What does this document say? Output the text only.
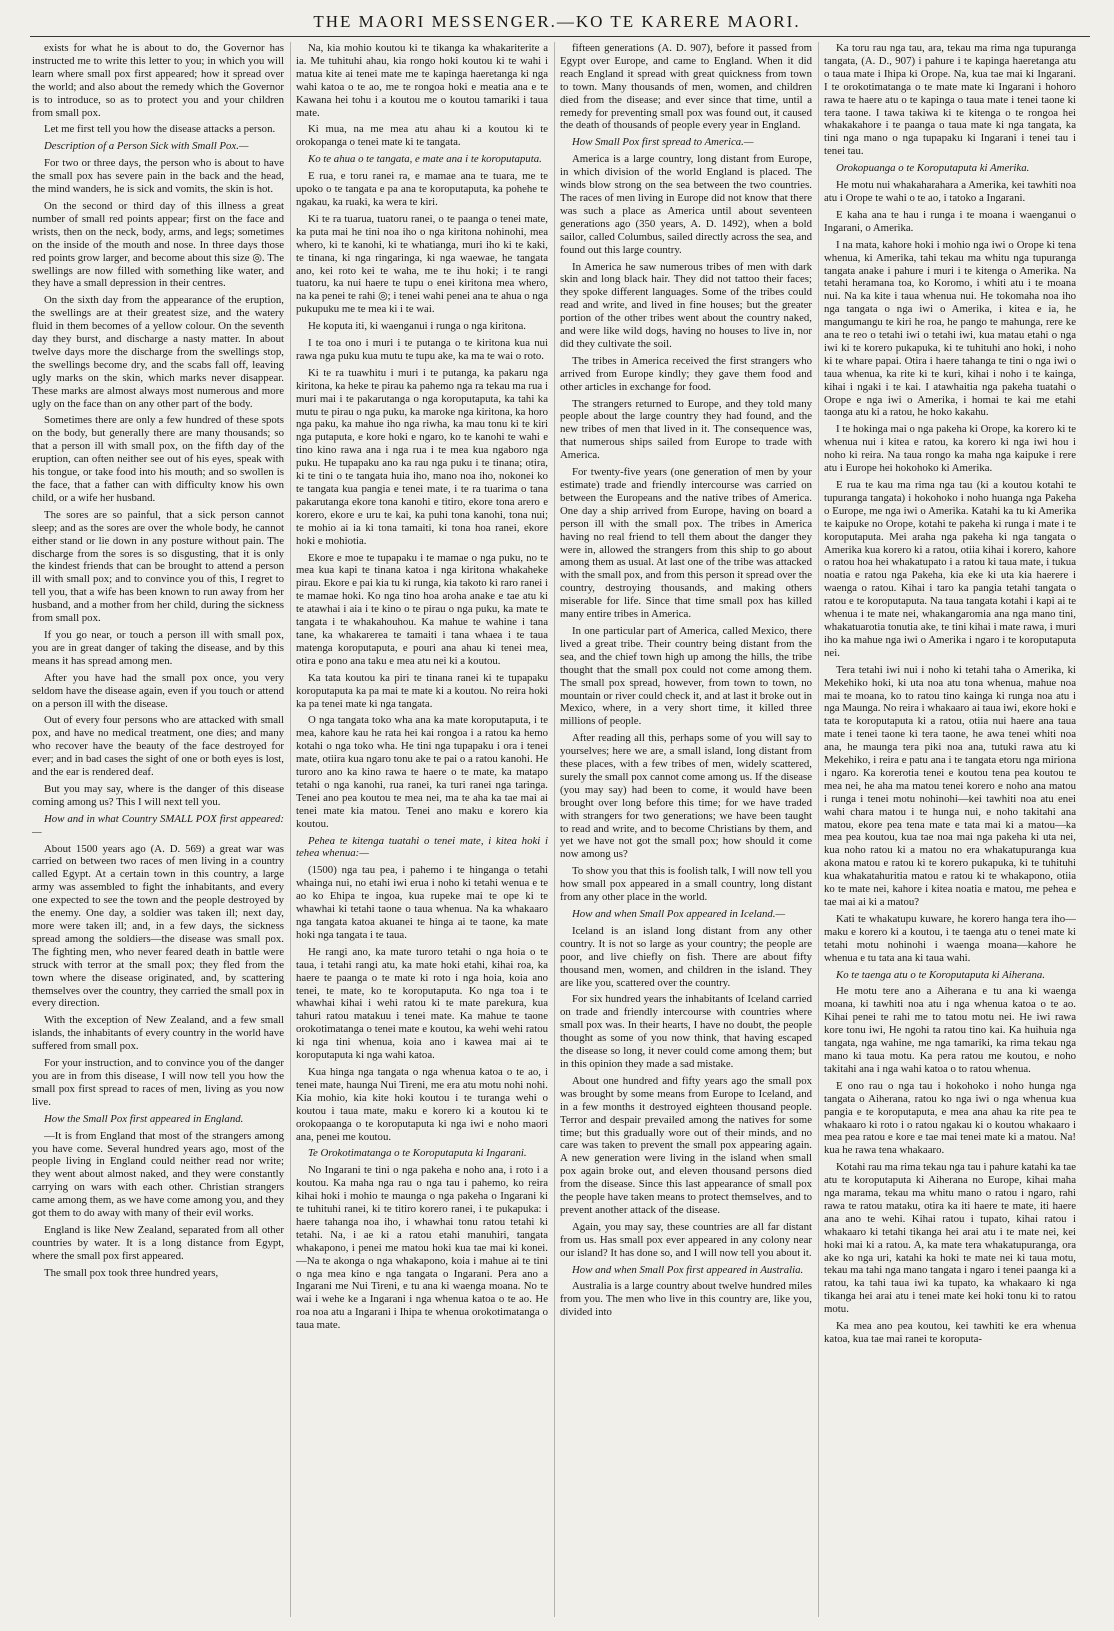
THE MAORI MESSENGER.—KO TE KARERE MAORI.

exists for what he is about to do, the Governor has instructed me to write this letter to you; in which you will learn where small pox first appeared; how it spread over the world; and also about the remedy which the Governor is to introduce, so as to protect you and your children from small pox.

Let me first tell you how the disease attacks a person.

Description of a Person Sick with Small Pox.—

For two or three days, the person who is about to have the small pox has severe pain in the back and the head, the mind wanders, he is sick and vomits, the skin is hot.

On the second or third day of this illness a great number of small red points appear; first on the face and wrists, then on the neck, body, arms, and legs; sometimes on the inside of the mouth and nose. In three days those red points grow larger, and become about this size ◎. The swellings are now filled with something like water, and they have a small depression in their centres.

On the sixth day from the appearance of the eruption, the swellings are at their greatest size, and the watery fluid in them becomes of a yellow colour. On the seventh day they burst, and discharge a nasty matter. In about twelve days more the discharge from the swellings stop, the swellings become dry, and the scabs fall off, leaving ugly marks on the skin, which marks never disappear. These marks are almost always most numerous and more ugly on the face than on any other part of the body.

Sometimes there are only a few hundred of these spots on the body, but generally there are many thousands; so that a person ill with small pox, on the fifth day of the eruption, can often neither see out of his eyes, speak with his tongue, or take food into his mouth; and so swollen is the face, that a father can with difficulty know his own child, or a wife her husband.

The sores are so painful, that a sick person cannot sleep; and as the sores are over the whole body, he cannot either stand or lie down in any posture without pain. The discharge from the sores is so disgusting, that it is only the kindest friends that can be brought to attend a person ill with small pox; and to convince you of this, I regret to tell you, that a wife has been known to run away from her husband, and a mother from her child, during the sickness from small pox.

If you go near, or touch a person ill with small pox, you are in great danger of taking the disease, and by this means it has spread among men.

After you have had the small pox once, you very seldom have the disease again, even if you touch or attend on a person ill with the disease.

Out of every four persons who are attacked with small pox, and have no medical treatment, one dies; and many who recover have the beauty of the face destroyed for ever; and in bad cases the sight of one or both eyes is lost, and the ear is rendered deaf.

But you may say, where is the danger of this disease coming among us? This I will next tell you.

How and in what Country SMALL POX first appeared:—

About 1500 years ago (A. D. 569) a great war was carried on between two races of men living in a country called Egypt. At a certain town in this country, a large army was assembled to fight the inhabitants, and every one expected to see the town and the people destroyed by the enemy. One day, a soldier was taken ill; next day, more were taken ill; and, in a few days, the sickness spread among the soldiers—the disease was small pox. The fighting men, who never feared death in battle were struck with terror at the small pox; they fled from the town where the disease originated, and, by scattering themselves over the country, they carried the small pox in every direction.

With the exception of New Zealand, and a few small islands, the inhabitants of every country in the world have suffered from small pox.

For your instruction, and to convince you of the danger you are in from this disease, I will now tell you how the small pox first spread to races of men, living as you now live.

How the Small Pox first appeared in England.

—It is from England that most of the strangers among you have come. Several hundred years ago, most of the people living in England could neither read nor write; they went about almost naked, and they were constantly carrying on wars with each other. Christian strangers came among them, as we have come among you, and they got them to do away with many of their evil works.

England is like New Zealand, separated from all other countries by water. It is a long distance from Egypt, where the small pox first appeared.

The small pox took three hundred years,

Na, kia mohio koutou ki te tikanga ka whakariterite a ia. Me tuhituhi ahau, kia rongo hoki koutou ki te wahi i matua kite ai tenei mate me te kapinga haeretanga ki nga wahi katoa o te ao, me te rongoa hoki e meatia ana e te Kawana hei tohu i a koutou me o koutou tamariki i taua mate.

Ki mua, na me mea atu ahau ki a koutou ki te orokopanga o tenei mate ki te tangata.

Ko te ahua o te tangata, e mate ana i te koroputaputa.

E rua, e toru ranei ra, e mamae ana te tuara, me te upoko o te tangata e pa ana te koroputaputa, ka pohehe te ngakau, ka ruaki, ka wera te kiri.

Ki te ra tuarua, tuatoru ranei, o te paanga o tenei mate, ka puta mai he tini noa iho o nga kiritona nohinohi, mea whero, ki te kanohi, ki te whatianga, muri iho ki te kaki, te tinana, ki nga ringaringa, ki nga waewae, he tangata ano, kei roto kei te waha, me te ihu hoki; i te rangi tuatoru, ka nui haere te tupu o enei kiritona mea whero, na ka penei te rahi ◎; i tenei wahi penei ana te ahua o nga pukupuku me te mea ki i te wai.

He koputa iti, ki waenganui i runga o nga kiritona.

I te toa ono i muri i te putanga o te kiritona kua nui rawa nga puku kua mutu te tupu ake, ka ma te wai o roto.

Ki te ra tuawhitu i muri i te putanga, ka pakaru nga kiritona, ka heke te pirau ka pahemo nga ra tekau ma rua i muri mai i te pakarutanga o nga koroputaputa, ka tahi ka mutu te pirau o nga puku, ka maroke nga kiritona, ka horo nga paku, ka mahue iho nga riwha, ka mau tonu ki te kiri nga putaputa, e kore hoki e ngaro, ko te kanohi te wahi e tino kino rawa ana i nga rua i te mea kua ngaboro nga puku. He tupapaku ano ka rau nga puku i te tinana; otira, ki te tini o te tangata huia iho, mano noa iho, nokonei ko te tangata kua pangia e tenei mate, i te ra tuarima o tana pakarutanga ekore tona kanohi e titiro, ekore tona arero e korero, ekore e uru te kai, ka puhi tona kanohi, tona nui; te mohio ai ia ki tona tamaiti, ki tona hoa ranei, ekore hoki e mohiotia.

Ekore e moe te tupapaku i te mamae o nga puku, no te mea kua kapi te tinana katoa i nga kiritona whakaheke pirau. Ekore e pai kia tu ki runga, kia takoto ki raro ranei i te mamae hoki. Ko nga tino hoa aroha anake e tae atu ki te atawhai i aia i te kino o te pirau o nga puku, ka mate te tangata i te whakahouhou. Ka mahue te wahine i tana tane, ka whakarerea te tamaiti i tana whaea i te taua matenga koroputaputa, e pouri ana ahau ki tenei mea, otira e pono ana taku e mea atu nei ki a koutou.

Ka tata koutou ka piri te tinana ranei ki te tupapaku koroputaputa ka pa mai te mate ki a koutou. No reira hoki ka pa tenei mate ki nga tangata.

O nga tangata toko wha ana ka mate koroputaputa, i te mea, kahore kau he rata hei kai rongoa i a ratou ka hemo kotahi o nga toko wha. He tini nga tupapaku i ora i tenei mate, otiira kua ngaro tonu ake te pai o a ratou kanohi. He turoro ano ka kino rawa te haere o te mate, ka matapo tetahi o nga kanohi, rua ranei, ka turi ranei nga taringa. Tenei ano pea koutou te mea nei, ma te aha ka tae mai ai tenei mate kia matou. Tenei ano maku e korero kia koutou.

Pehea te kitenga tuatahi o tenei mate, i kitea hoki i tehea whenua:—

(1500) nga tau pea, i pahemo i te hinganga o tetahi whainga nui, no etahi iwi erua i noho ki tetahi wenua e te ao ko Ehipa te ingoa, kua rupeke mai te ope ki te whawhai ki tetahi taone o taua whenua. Na ka whakaaro nga tangata katoa akuanei te hinga ai te taone, ka mate hoki nga tangata i te taua.

He rangi ano, ka mate turoro tetahi o nga hoia o te taua, i tetahi rangi atu, ka mate hoki etahi, kihai roa, ka haere te paanga o te mate ki roto i nga hoia, koia ano tenei, te mate, ko te koroputaputa. Ko nga toa i te whawhai kihai i wehi ratou ki te mate parekura, kua tahuri ratou matakuu i tenei mate. Ka mahue te taone orokotimatanga o tenei mate e koutou, ka wehi wehi ratou ki nga tini whenua, koia ano i kawea mai ai te koroputaputa ki nga wahi katoa.

Kua hinga nga tangata o nga whenua katoa o te ao, i tenei mate, haunga Nui Tireni, me era atu motu nohi nohi. Kia mohio, kia kite hoki koutou i te turanga wehi o koutou i taua mate, maku e korero ki a koutou ki te orokopaanga o te koroputaputa ki nga iwi e noho maori ana, penei me koutou.

Te Orokotimatanga o te Koroputaputa ki Ingarani.

No Ingarani te tini o nga pakeha e noho ana, i roto i a koutou. Ka maha nga rau o nga tau i pahemo, ko reira kihai hoki i mohio te maunga o nga pakeha o Ingarani ki te tuhituhi ranei, ki te titiro korero ranei, i te pukapuka: i haere tahanga noa iho, i whawhai tonu ratou tetahi ki tetahi. Na, i ae ki a ratou etahi manuhiri, tangata whakapono, i penei me matou hoki kua tae mai ki konei.—Na te akonga o nga whakapono, koia i mahue ai te tini o nga mea kino e nga tangata o Ingarani. Pera ano a Ingarani me Nui Tireni, e tu ana ki waenga moana. No te wai i wehe ke a Ingarani i nga whenua katoa o te ao. He roa noa atu a Ingarani i Ihipa te whenua orokotimatanga o taua mate.

fifteen generations (A. D. 907), before it passed from Egypt over Europe, and came to England. When it did reach England it spread with great quickness from town to town. Many thousands of men, women, and children died from the disease; and ever since that time, until a remedy for preventing small pox was found out, it caused the death of thousands of people every year in England.

How Small Pox first spread to America.—

America is a large country, long distant from Europe, in which division of the world England is placed. The winds blow strong on the sea between the two countries. The races of men living in Europe did not know that there was such a place as America until about seventeen generations ago (350 years, A. D. 1492), when a bold sailor, called Columbus, sailed directly across the sea, and found out this large country.

In America he saw numerous tribes of men with dark skin and long black hair. They did not tattoo their faces; they spoke different languages. Some of the tribes could read and write, and lived in fine houses; but the greater portion of the other tribes went about the country naked, and were like wild dogs, having no houses to live in, nor did they cultivate the soil.

The tribes in America received the first strangers who arrived from Europe kindly; they gave them food and other articles in exchange for food.

The strangers returned to Europe, and they told many people about the large country they had found, and the new tribes of men that lived in it. The consequence was, that numerous ships sailed from Europe to trade with America.

For twenty-five years (one generation of men by your estimate) trade and friendly intercourse was carried on between the Europeans and the native tribes of America. One day a ship arrived from Europe, having on board a person ill with the small pox. The tribes in America having no real friend to tell them about the danger they were in, allowed the strangers from this ship to go about among them as usual. At last one of the tribe was attacked with the small pox, and from this person it spread over the country, destroying thousands, and making others miserable for life. Since that time small pox has killed many entire tribes in America.

In one particular part of America, called Mexico, there lived a great tribe. Their country being distant from the sea, and the chief town high up among the hills, the tribe thought that the small pox could not come among them. The small pox spread, however, from town to town, no mountain or river could check it, and at last it broke out in Mexico, where, in a very short time, it killed three millions of people.

After reading all this, perhaps some of you will say to yourselves; here we are, a small island, long distant from these places, with a few tribes of men, widely scattered, surely the small pox cannot come among us. If the disease (you may say) had been to come, it would have been brought over long before this time; for we have traded with strangers for two generations; we have been taught to read and write, and to become Christians by them, and yet we have not got the small pox; how should it come now among us?

To show you that this is foolish talk, I will now tell you how small pox appeared in a small country, long distant from any other place in the world.

How and when Small Pox appeared in Iceland.—

Iceland is an island long distant from any other country. It is not so large as your country; the people are poor, and live chiefly on fish. There are about fifty thousand men, women, and children in the island. They are like you, scattered over the country.

For six hundred years the inhabitants of Iceland carried on trade and friendly intercourse with countries where small pox was. In their hearts, I have no doubt, the people thought as some of you now think, that having escaped the disease so long, it never could come among them; but in this opinion they made a sad mistake.

About one hundred and fifty years ago the small pox was brought by some means from Europe to Iceland, and in a few months it destroyed eighteen thousand people. Terror and despair prevailed among the natives for some time; but this gradually wore out of their minds, and no care was taken to prevent the small pox appearing again. A new generation were living in the island when small pox again broke out, and eleven thousand persons died from the disease. Since this last appearance of small pox the people have taken means to protect themselves, and to prevent another attack of the disease.

Again, you may say, these countries are all far distant from us. Has small pox ever appeared in any colony near our island? It has done so, and I will now tell you about it.

How and when Small Pox first appeared in Australia.

Australia is a large country about twelve hundred miles from you. The men who live in this country are, like you, divided into

Ka toru rau nga tau, ara, tekau ma rima nga tupuranga tangata, (A. D., 907) i pahure i te kapinga haeretanga atu o taua mate i Ihipa ki Orope. Na, kua tae mai ki Ingarani. I te orokotimatanga o te mate mate ki Ingarani i hohoro rawa te haere atu o te kapinga o taua mate i tenei taone ki tera taone. I tawa takiwa ki te kitenga o te rongoa hei whakakahore i te paanga o taua mate ki nga tangata, ka tini nga mano o nga tupapaku ki Ingarani i tenei tau i tenei tau.

Orokopuanga o te Koroputaputa ki Amerika.

He motu nui whakaharahara a Amerika, kei tawhiti noa atu i Orope te wahi o te ao, i tatoko a Ingarani.

E kaha ana te hau i runga i te moana i waenganui o Ingarani, o Amerika.

I na mata, kahore hoki i mohio nga iwi o Orope ki tena whenua, ki Amerika, tahi tekau ma whitu nga tupuranga tangata anake i pahure i muri i te kitenga o Amerika. Na tetahi heramana toa, ko Koromo, i whiti atu i te moana nui. Na ka kite i taua whenua nui. He tokomaha noa iho nga tangata o nga iwi o Amerika, i kitea e ia, he mangumangu te kiri he roa, he pango te mahunga, rere ke ana te reo o tetahi iwi o tetahi iwi, kua matau etahi o nga iwi ki te korero pukapuka, ki te tuhituhi ano hoki, i noho ki te whare papai. Otira i haere tahanga te tini o nga iwi o taua whenua, ka rite ki te kuri, kihai i noho i te kainga, kihai i ngaki i te kai. I atawhaitia nga pakeha tuatahi o Orope e nga iwi o Amerika, i homai te kai me etahi taonga atu ki a ratou, he hoko kakahu.

I te hokinga mai o nga pakeha ki Orope, ka korero ki te whenua nui i kitea e ratou, ka korero ki nga iwi hou i noho ki reira. Na taua rongo ka maha nga kaipuke i rere atu i Europe hei hokohoko ki Amerika.

E rua te kau ma rima nga tau (ki a koutou kotahi te tupuranga tangata) i hokohoko i noho huanga nga Pakeha o Europe, me nga iwi o Amerika. Katahi ka tu ki Amerika te kaipuke no Orope, kotahi te pakeha ki runga i mate i te koroputaputa. Mei araha nga pakeha ki nga tangata o Amerika kua korero ki a ratou, otiia kihai i korero, kahore o ratou hoa hei whakatupato i a ratou ki taua mate, i tukua noatia e ratou nga Pakeha, kia eke ki uta kia haerere i waenga o ratou. Kihai i taro ka pangia tetahi tangata o ratou e te koroputaputa. Na taua tangata kotahi i kapi ai te whenua i te mate nei, whakangaromia ana nga mano tini, whakatuarotia tonutia ake, te tini kihai i mate rawa, i muri iho ka mahue nga iwi o Amerika i ngaro i te koroputaputa nei.

Tera tetahi iwi nui i noho ki tetahi taha o Amerika, ki Mekehiko hoki, ki uta noa atu tona whenua, mahue noa mai te moana, ko to ratou tino kainga ki runga noa atu i nga Maunga. No reira i whakaaro ai taua iwi, ekore hoki e tata te koroputaputa ki a ratou, otiia nui haere ana taua mate i tenei taone ki tera taone, he awa tenei whiti noa ana, he maunga tera piki noa ana, tutuki rawa atu ki Mekehiko, i reira e patu ana i te tangata etoru nga miriona i ngaro. Ka korerotia tenei e koutou tena pea koutou te mea nei, he aha ma matou tenei korero e noho ana matou i runga i tenei motu nohinohi—kei tawhiti noa atu enei wahi chara matou i te hunga nui, e noho takitahi ana matou, ekore pea tena mate e tata mai ki a matou—ka mea pea koutou, kua tae noa mai nga pakeha ki uta nei, kua noho ratou ki a matou no era whakatupuranga kua akona matou e ratou ki te korero pukapuka, ki te tuhituhi kua whakatahuritia matou e ratou ki te whakapono, otiia ko te mate nei, kahore i kitea noatia e matou, me pehea e tae mai ai ki a matou?

Kati te whakatupu kuware, he korero hanga tera iho—maku e korero ki a koutou, i te taenga atu o tenei mate ki tetahi motu nohinohi i waenga moana—kahore he whenua e tu tata ana ki taua wahi.

Ko te taenga atu o te Koroputaputa ki Aiherana.

He motu tere ano a Aiherana e tu ana ki waenga moana, ki tawhiti noa atu i nga whenua katoa o te ao. Kihai penei te rahi me to tatou motu nei. He iwi rawa kore tonu iwi, He ngohi ta ratou tino kai. Ka huihuia nga tangata, nga wahine, me nga tamariki, ka rima tekau nga mano ki taua motu. Ka pera ratou me koutou, e noho takitahi ana i nga wahi katoa o to ratou whenua.

E ono rau o nga tau i hokohoko i noho hunga nga tangata o Aiherana, ratou ko nga iwi o nga whenua kua pangia e te koroputaputa, e mea ana ahau ka rite pea te whakaaro ki roto i o ratou ngakau ki o koutou whakaaro i mea pea ratou e kore e tae mai tenei mate ki a matou. Na! kua he rawa tena whakaaro.

Kotahi rau ma rima tekau nga tau i pahure katahi ka tae atu te koroputaputa ki Aiherana no Europe, kihai maha nga marama, tekau ma whitu mano o ratou i ngaro, rahi rawa te ratou mataku, otira ka iti haere te mate, iti haere ana ano te wehi. Kihai ratou i tupato, kihai ratou i whakaaro ki tetahi tikanga hei arai atu i te mate nei, kei hoki mai ki a ratou. A, ka mate tera whakatupuranga, ora ake ko nga uri, katahi ka hoki te mate nei ki taua motu, tekau ma tahi nga mano tangata i ngaro i tenei paanga ki a ratou, ka tahi taua iwi ka tupato, ka whakaaro ki nga tikanga hei arai atu i tenei mate kei hoki tonu ki to ratou motu.

Ka mea ano pea koutou, kei tawhiti ke era whenua katoa, kua tae mai ranei te koroputa-
